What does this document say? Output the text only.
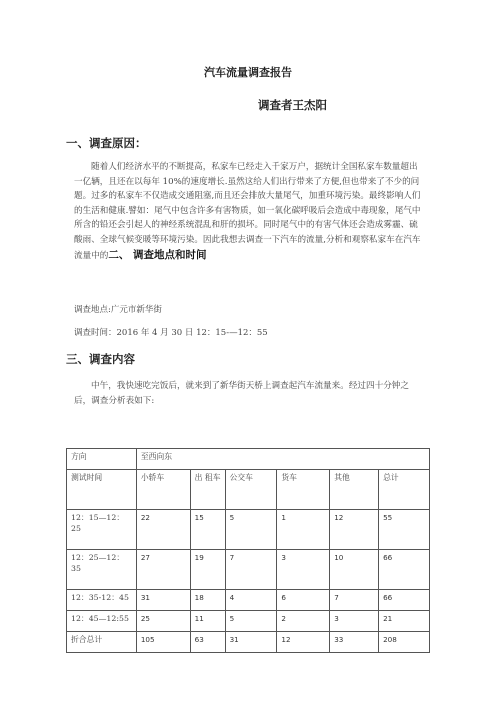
汽车流量调查报告
调查者王杰阳
一、调查原因：

随着人们经济水平的不断提高，私家车已经走入千家万户，据统计全国私家车数量超出一亿辆，且还在以每年 10%的速度增长.虽然这给人们出行带来了方便,但也带来了不少的问题。过多的私家车不仅造成交通阻塞,而且还会排放大量尾气，加重环境污染。最终影响人们的生活和健康.譬如：尾气中包含许多有害物质，如一氧化碳呼吸后会造成中毒现象，尾气中所含的铅还会引起人的神经系统混乱和肝的损坏。同时尾气中的有害气体还会造成雾霾、硫酸雨、全球气候变暖等环境污染。因此我想去调查一下汽车的流量,分析和观察私家车在汽车流量中的二、 调查地点和时间

调查地点:广元市新华街
调查时间：2016 年 4 月 30 日 12：15-—12：55
三、调查内容

中午，我快速吃完饭后，就来到了新华街天桥上调查起汽车流量来。经过四十分钟之后，调查分析表如下:

方向	至西向东					
测试时间	小轿车	出 租车	公交车	货车	其他	总计
12：15—12：25	22	15	5	1	12	55
12：25—12：35	27	19	7	3	10	66
12：35-12：45	31	18	4	6	7	66
12：45—12:55	25	11	5	2	3	21
折合总计	105	63	31	12	33	208
